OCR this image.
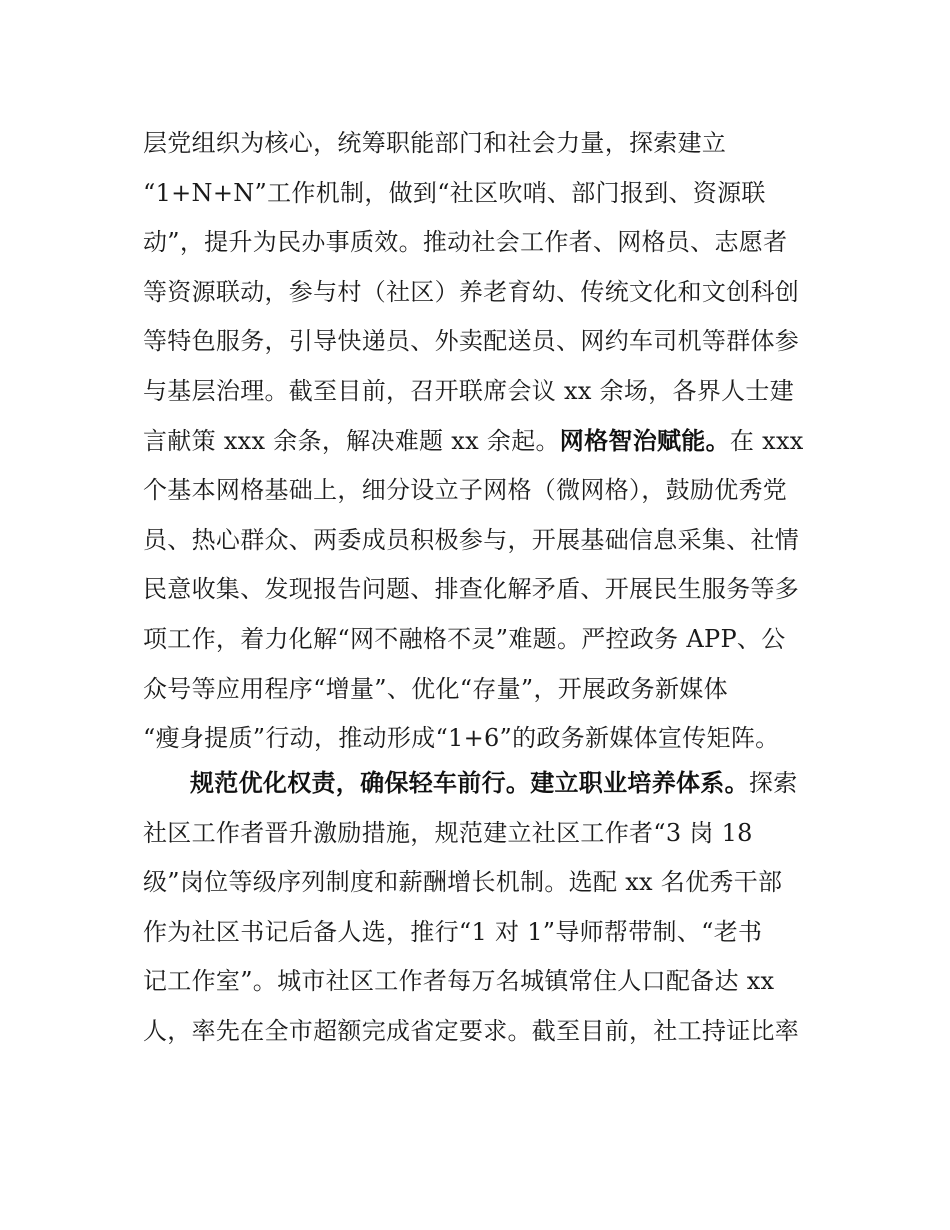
层党组织为核心，统筹职能部门和社会力量，探索建立
“1+N+N”工作机制，做到“社区吹哨、部门报到、资源联
动”，提升为民办事质效。推动社会工作者、网格员、志愿者
等资源联动，参与村（社区）养老育幼、传统文化和文创科创
等特色服务，引导快递员、外卖配送员、网约车司机等群体参
与基层治理。截至目前，召开联席会议 xx 余场，各界人士建
言献策 xxx 余条，解决难题 xx 余起。网格智治赋能。在 xxx
个基本网格基础上，细分设立子网格（微网格），鼓励优秀党
员、热心群众、两委成员积极参与，开展基础信息采集、社情
民意收集、发现报告问题、排查化解矛盾、开展民生服务等多
项工作，着力化解“网不融格不灵”难题。严控政务 APP、公
众号等应用程序“增量”、优化“存量”，开展政务新媒体
“瘦身提质”行动，推动形成“1+6”的政务新媒体宣传矩阵。
规范优化权责，确保轻车前行。建立职业培养体系。探索
社区工作者晋升激励措施，规范建立社区工作者“3 岗 18
级”岗位等级序列制度和薪酬增长机制。选配 xx 名优秀干部
作为社区书记后备人选，推行“1 对 1”导师帮带制、“老书
记工作室”。城市社区工作者每万名城镇常住人口配备达 xx
人，率先在全市超额完成省定要求。截至目前，社工持证比率
